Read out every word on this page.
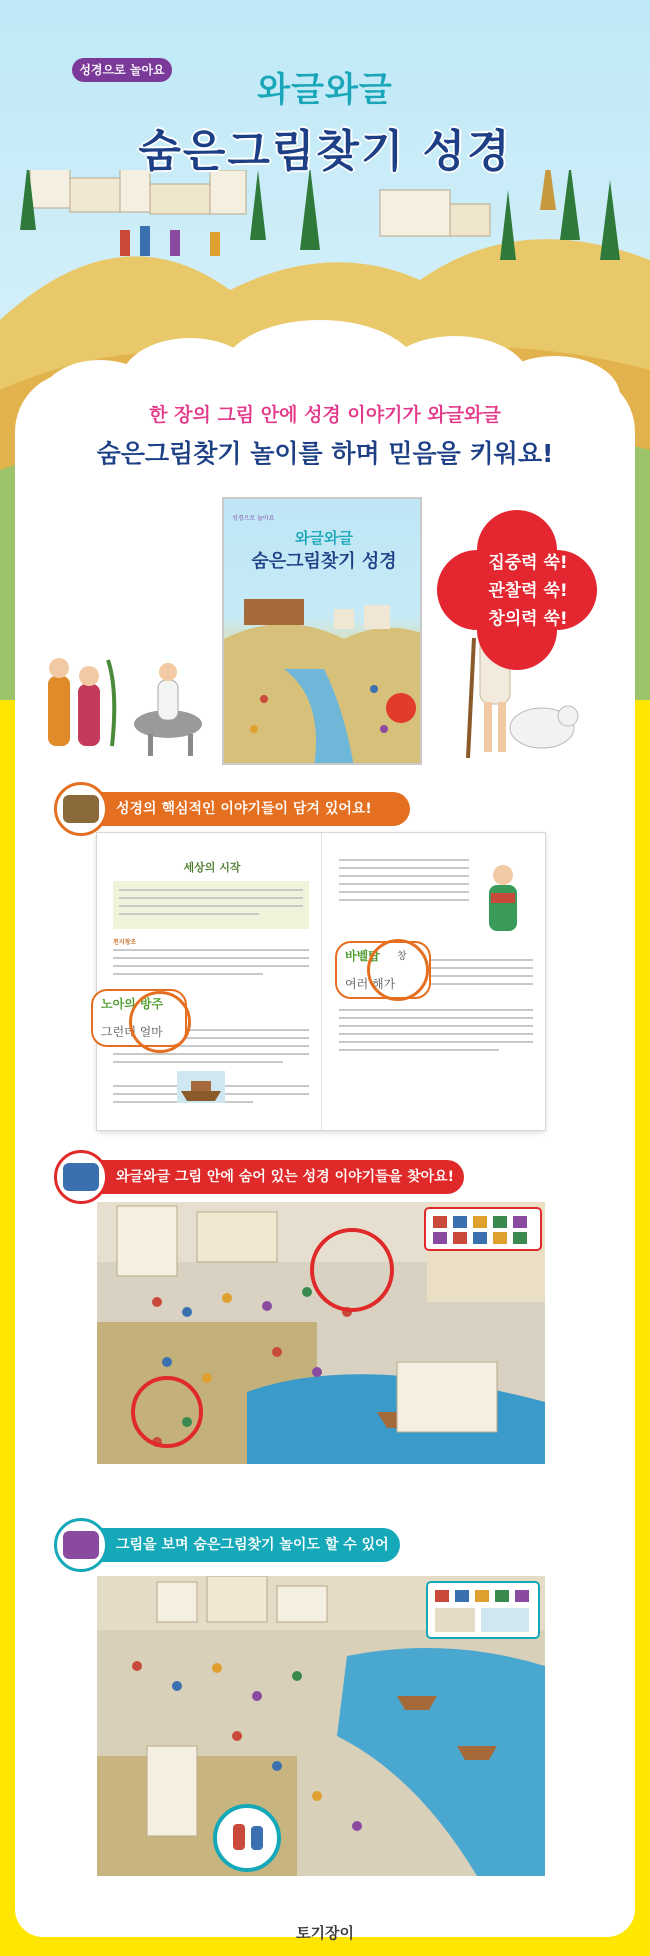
성경으로 놀아요	와글와글
숨은그림찾기 성경
한 장의 그림 안에 성경 이야기가 와글와글
숨은그림찾기 놀이를 하며 믿음을 키워요!
성경으로 놀아요
와글와글
숨은그림찾기 성경	집중력 쑥!
관찰력 쑥!
창의력 쑥!
성경의 핵심적인 이야기들이 담겨 있어요!
세상의 시작
천지창조
노아의 방주
그런데 얼마
바벨탑 창
여러 해가
와글와글 그림 안에 숨어 있는 성경 이야기들을 찾아요!
그림을 보며 숨은그림찾기 놀이도 할 수 있어
토기장이
